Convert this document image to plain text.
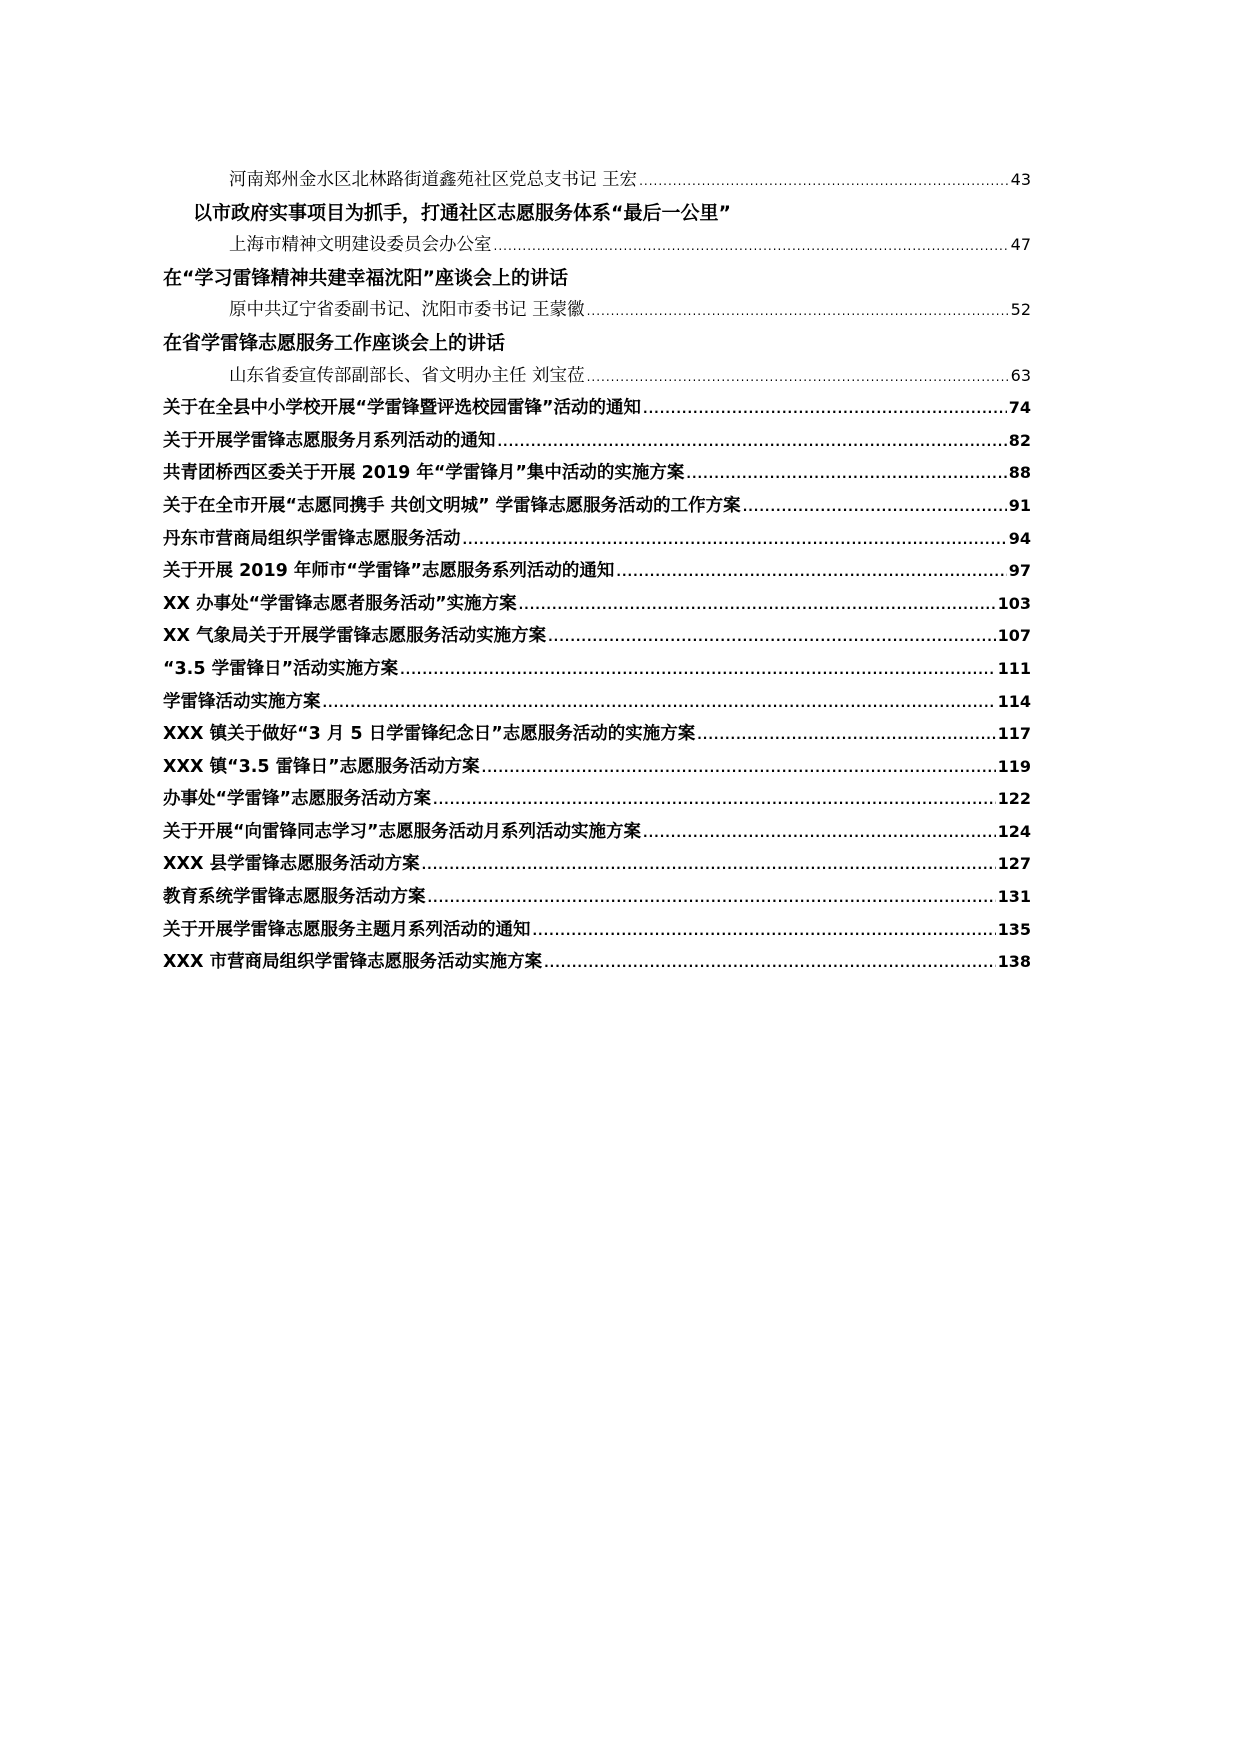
河南郑州金水区北林路街道鑫苑社区党总支书记 王宏 .....	43
以市政府实事项目为抓手，打通社区志愿服务体系“最后一公里”
上海市精神文明建设委员会办公室 .....	47
在“学习雷锋精神共建幸福沈阳”座谈会上的讲话
原中共辽宁省委副书记、沈阳市委书记 王蒙徽 .....	52
在省学雷锋志愿服务工作座谈会上的讲话
山东省委宣传部副部长、省文明办主任 刘宝莅 .....	63
关于在全县中小学校开展“学雷锋暨评选校园雷锋”活动的通知 .....	74
关于开展学雷锋志愿服务月系列活动的通知 .....	82
共青团桥西区委关于开展 2019 年“学雷锋月”集中活动的实施方案 .....	88
关于在全市开展“志愿同携手 共创文明城” 学雷锋志愿服务活动的工作方案 .....	91
丹东市营商局组织学雷锋志愿服务活动 .....	94
关于开展 2019 年师市“学雷锋”志愿服务系列活动的通知 .....	97
XX 办事处“学雷锋志愿者服务活动”实施方案 .....	103
XX 气象局关于开展学雷锋志愿服务活动实施方案 .....	107
“3.5 学雷锋日”活动实施方案 .....	111
学雷锋活动实施方案 .....	114
XXX 镇关于做好“3 月 5 日学雷锋纪念日”志愿服务活动的实施方案 .....	117
XXX 镇“3.5 雷锋日”志愿服务活动方案 .....	119
办事处“学雷锋”志愿服务活动方案 .....	122
关于开展“向雷锋同志学习”志愿服务活动月系列活动实施方案 .....	124
XXX 县学雷锋志愿服务活动方案 .....	127
教育系统学雷锋志愿服务活动方案 .....	131
关于开展学雷锋志愿服务主题月系列活动的通知 .....	135
XXX 市营商局组织学雷锋志愿服务活动实施方案 .....	138
